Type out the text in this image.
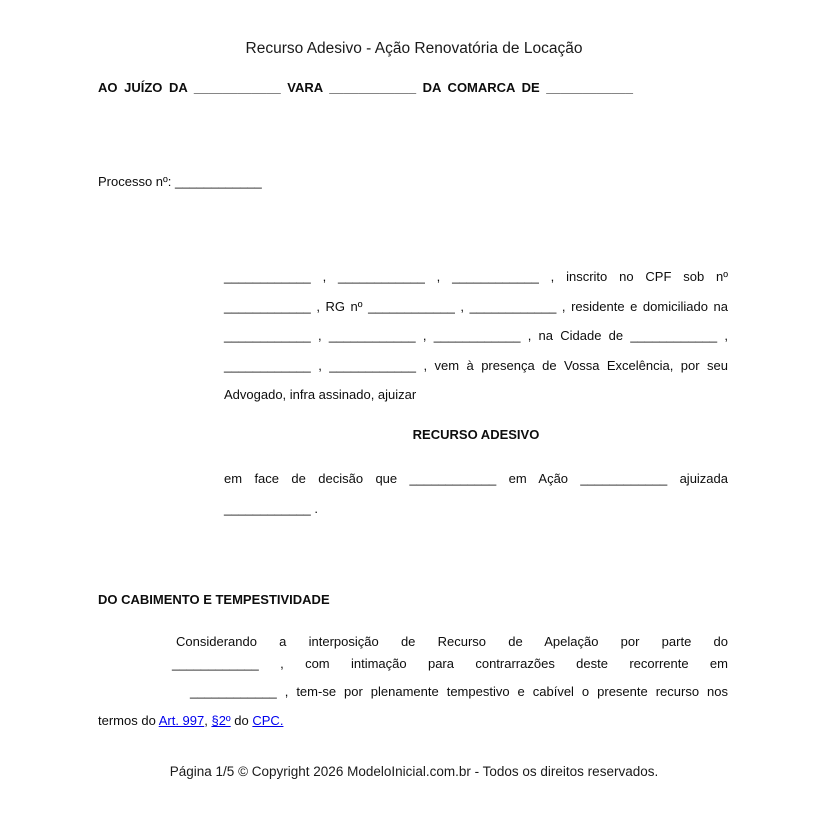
Recurso Adesivo - Ação Renovatória de Locação
AO JUÍZO DA ____________ VARA ____________ DA COMARCA DE ____________
Processo nº: ____________
____________ , ____________ , ____________ , inscrito no CPF sob nº
____________ , RG nº ____________ , ____________ , residente e domiciliado na
____________ , ____________ , ____________ , na Cidade de ____________ ,
____________ , ____________ , vem à presença de Vossa Excelência, por seu
Advogado, infra assinado, ajuizar
RECURSO ADESIVO
em face de decisão que ____________ em Ação ____________ ajuizada
____________ .
DO CABIMENTO E TEMPESTIVIDADE
Considerando a interposição de Recurso de Apelação por parte do
____________ , com intimação para contrarrazões deste recorrente em
____________ , tem-se por plenamente tempestivo e cabível o presente recurso nos
termos do Art. 997, §2º do CPC.
Página 1/5 © Copyright 2026 ModeloInicial.com.br - Todos os direitos reservados.
